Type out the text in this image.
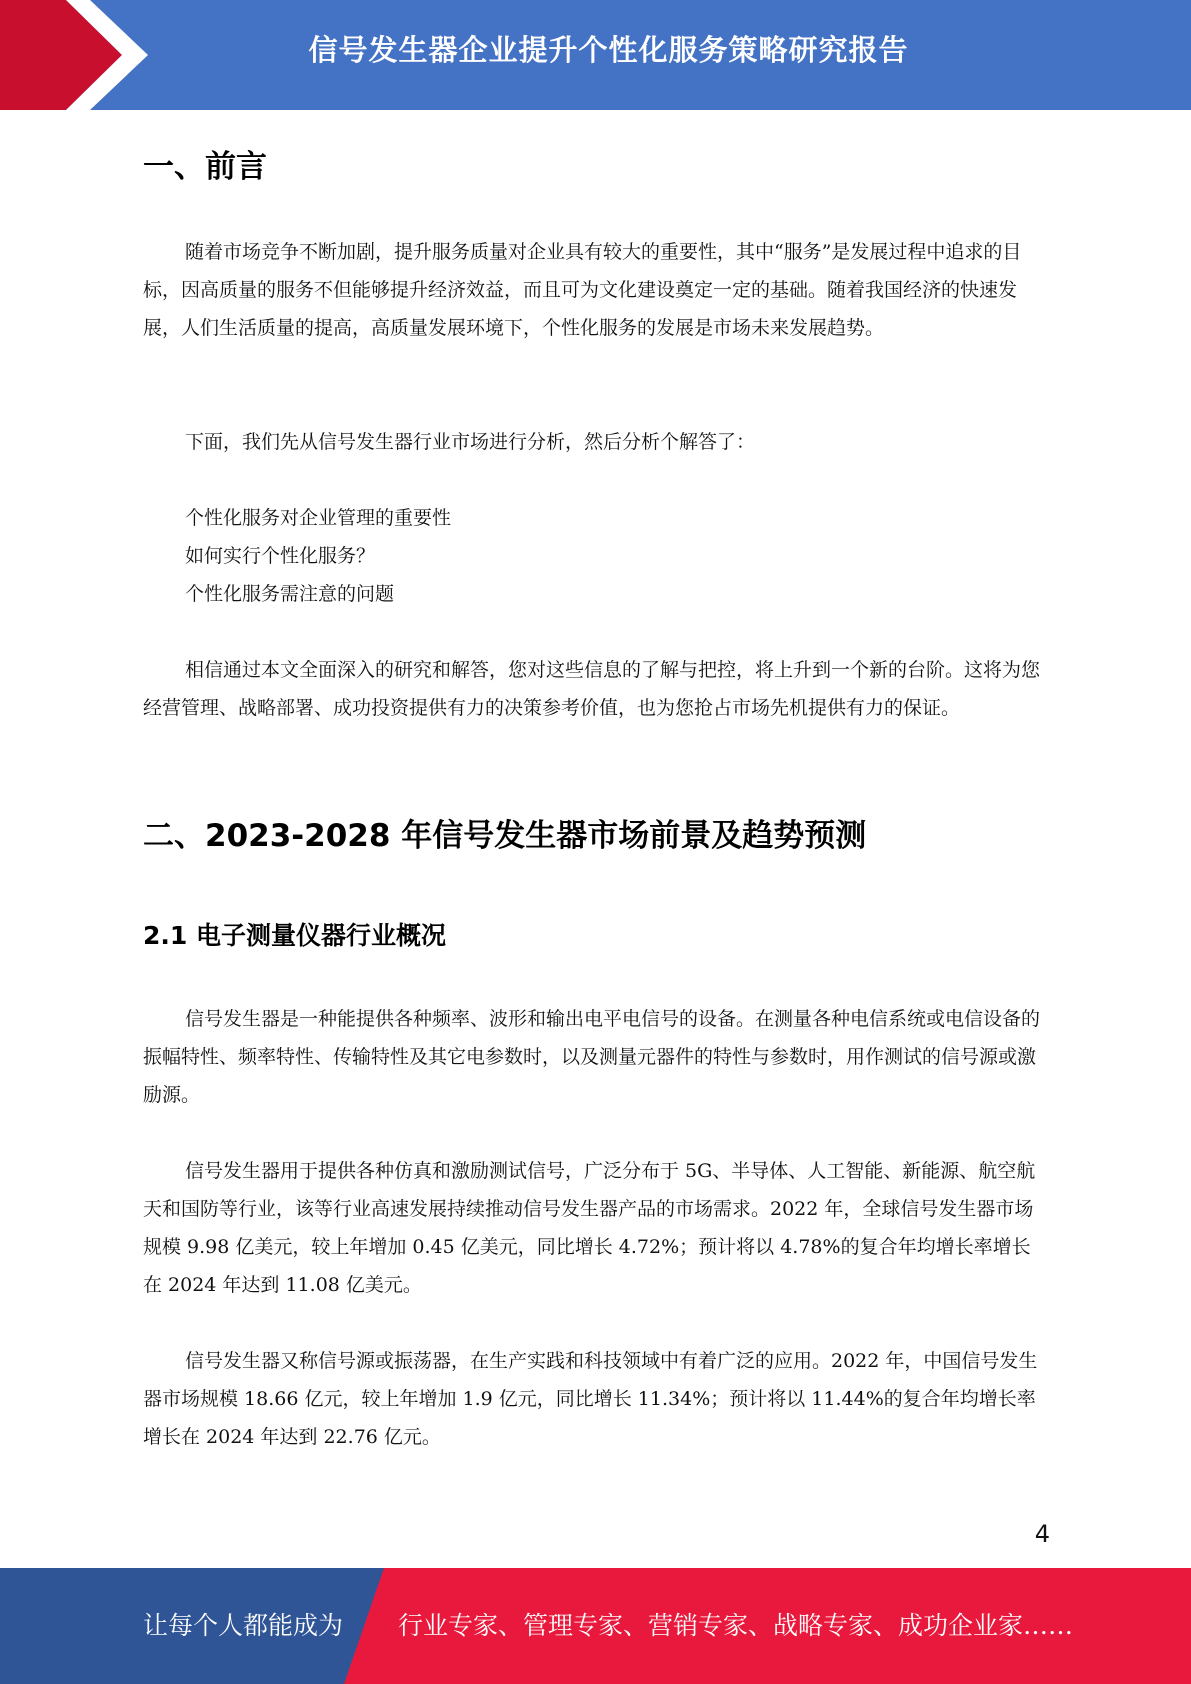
信号发生器企业提升个性化服务策略研究报告
一、前言

随着市场竞争不断加剧，提升服务质量对企业具有较大的重要性，其中“服务”是发展过程中追求的目标，因高质量的服务不但能够提升经济效益，而且可为文化建设奠定一定的基础。随着我国经济的快速发展，人们生活质量的提高，高质量发展环境下，个性化服务的发展是市场未来发展趋势。

下面，我们先从信号发生器行业市场进行分析，然后分析个解答了：

个性化服务对企业管理的重要性
如何实行个性化服务？
个性化服务需注意的问题

相信通过本文全面深入的研究和解答，您对这些信息的了解与把控，将上升到一个新的台阶。这将为您经营管理、战略部署、成功投资提供有力的决策参考价值，也为您抢占市场先机提供有力的保证。

二、2023-2028 年信号发生器市场前景及趋势预测
2.1 电子测量仪器行业概况

信号发生器是一种能提供各种频率、波形和输出电平电信号的设备。在测量各种电信系统或电信设备的振幅特性、频率特性、传输特性及其它电参数时，以及测量元器件的特性与参数时，用作测试的信号源或激励源。

信号发生器用于提供各种仿真和激励测试信号，广泛分布于 5G、半导体、人工智能、新能源、航空航天和国防等行业，该等行业高速发展持续推动信号发生器产品的市场需求。2022 年，全球信号发生器市场规模 9.98 亿美元，较上年增加 0.45 亿美元，同比增长 4.72%；预计将以 4.78%的复合年均增长率增长在 2024 年达到 11.08 亿美元。

信号发生器又称信号源或振荡器，在生产实践和科技领域中有着广泛的应用。2022 年，中国信号发生器市场规模 18.66 亿元，较上年增加 1.9 亿元，同比增长 11.34%；预计将以 11.44%的复合年均增长率增长在 2024 年达到 22.76 亿元。

4
让每个人都能成为 行业专家、管理专家、营销专家、战略专家、成功企业家……
